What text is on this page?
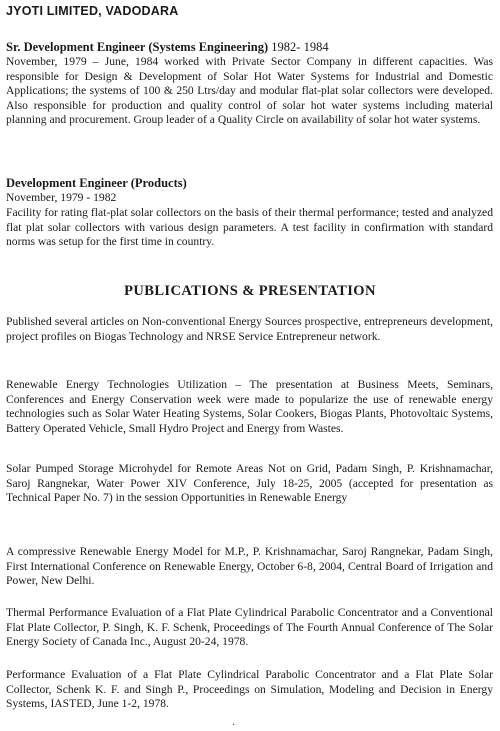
JYOTI LIMITED, VADODARA
Sr. Development Engineer (Systems Engineering) 1982- 1984

November, 1979 – June, 1984 worked with Private Sector Company in different capacities. Was responsible for Design & Development of Solar Hot Water Systems for Industrial and Domestic Applications; the systems of 100 & 250 Ltrs/day and modular flat-plat solar collectors were developed. Also responsible for production and quality control of solar hot water systems including material planning and procurement. Group leader of a Quality Circle on availability of solar hot water systems.

Development Engineer (Products)
November, 1979 - 1982

Facility for rating flat-plat solar collectors on the basis of their thermal performance; tested and analyzed flat plat solar collectors with various design parameters. A test facility in confirmation with standard norms was setup for the first time in country.

PUBLICATIONS & PRESENTATION

Published several articles on Non-conventional Energy Sources prospective, entrepreneurs development, project profiles on Biogas Technology and NRSE Service Entrepreneur network.

Renewable Energy Technologies Utilization – The presentation at Business Meets, Seminars, Conferences and Energy Conservation week were made to popularize the use of renewable energy technologies such as Solar Water Heating Systems, Solar Cookers, Biogas Plants, Photovoltaic Systems, Battery Operated Vehicle, Small Hydro Project and Energy from Wastes.

Solar Pumped Storage Microhydel for Remote Areas Not on Grid, Padam Singh, P. Krishnamachar, Saroj Rangnekar, Water Power XIV Conference, July 18-25, 2005 (accepted for presentation as Technical Paper No. 7) in the session Opportunities in Renewable Energy

A compressive Renewable Energy Model for M.P., P. Krishnamachar, Saroj Rangnekar, Padam Singh, First International Conference on Renewable Energy, October 6-8, 2004, Central Board of Irrigation and Power, New Delhi.

Thermal Performance Evaluation of a Flat Plate Cylindrical Parabolic Concentrator and a Conventional Flat Plate Collector, P. Singh, K. F. Schenk, Proceedings of The Fourth Annual Conference of The Solar Energy Society of Canada Inc., August 20-24, 1978.

Performance Evaluation of a Flat Plate Cylindrical Parabolic Concentrator and a Flat Plate Solar Collector, Schenk K. F. and Singh P., Proceedings on Simulation, Modeling and Decision in Energy Systems, IASTED, June 1-2, 1978.

·
